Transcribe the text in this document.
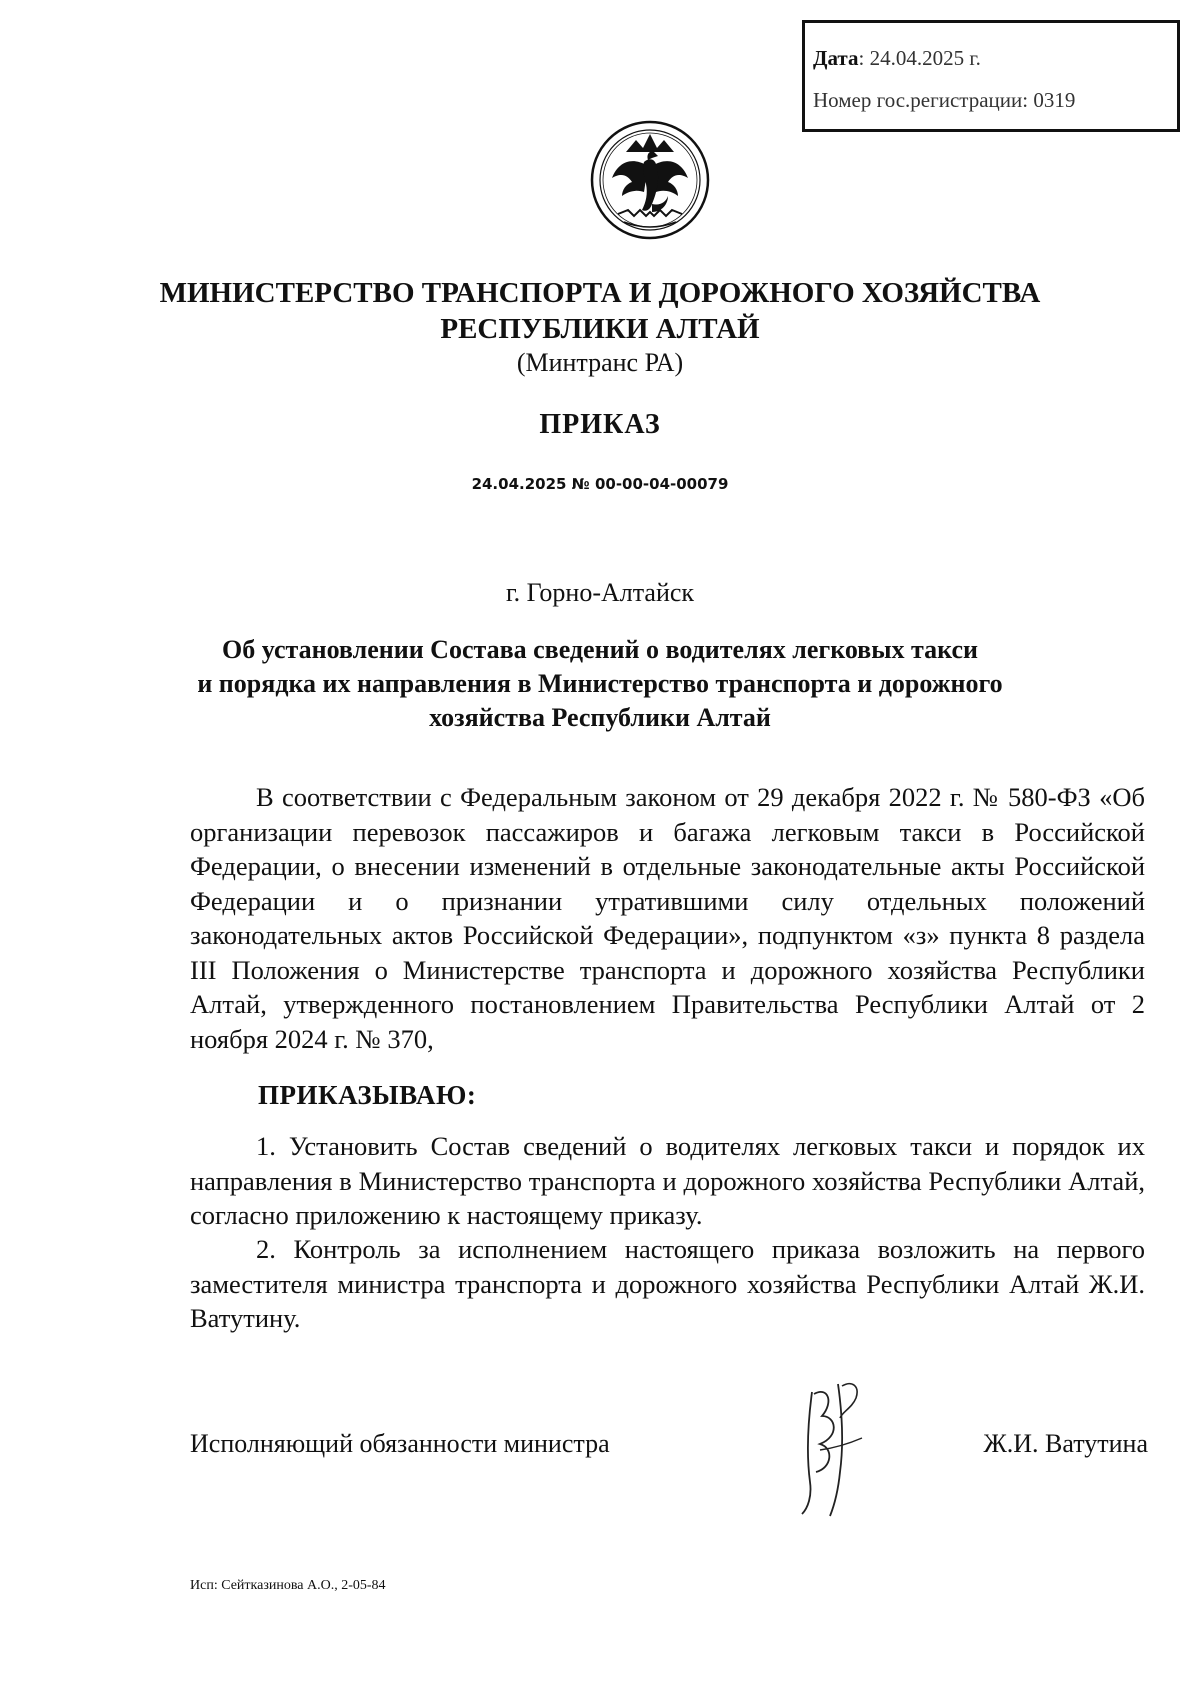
Дата: 24.04.2025 г.
Номер гос.регистрации: 0319
МИНИСТЕРСТВО ТРАНСПОРТА И ДОРОЖНОГО ХОЗЯЙСТВА
РЕСПУБЛИКИ АЛТАЙ
(Минтранс РА)
ПРИКАЗ
24.04.2025 № 00-00-04-00079
г. Горно-Алтайск
Об установлении Состава сведений о водителях легковых такси
и порядка их направления в Министерство транспорта и дорожного
хозяйства Республики Алтай

В соответствии с Федеральным законом от 29 декабря 2022 г. № 580-ФЗ «Об организации перевозок пассажиров и багажа легковым такси в Российской Федерации, о внесении изменений в отдельные законодательные акты Российской Федерации и о признании утратившими силу отдельных положений законодательных актов Российской Федерации», подпунктом «з» пункта 8 раздела III Положения о Министерстве транспорта и дорожного хозяйства Республики Алтай, утвержденного постановлением Правительства Республики Алтай от 2 ноября 2024 г. № 370,

ПРИКАЗЫВАЮ:

1. Установить Состав сведений о водителях легковых такси и порядок их направления в Министерство транспорта и дорожного хозяйства Республики Алтай, согласно приложению к настоящему приказу.

2. Контроль за исполнением настоящего приказа возложить на первого заместителя министра транспорта и дорожного хозяйства Республики Алтай Ж.И. Ватутину.

Исполняющий обязанности министра	Ж.И. Ватутина
Исп: Сейтказинова А.О., 2-05-84
